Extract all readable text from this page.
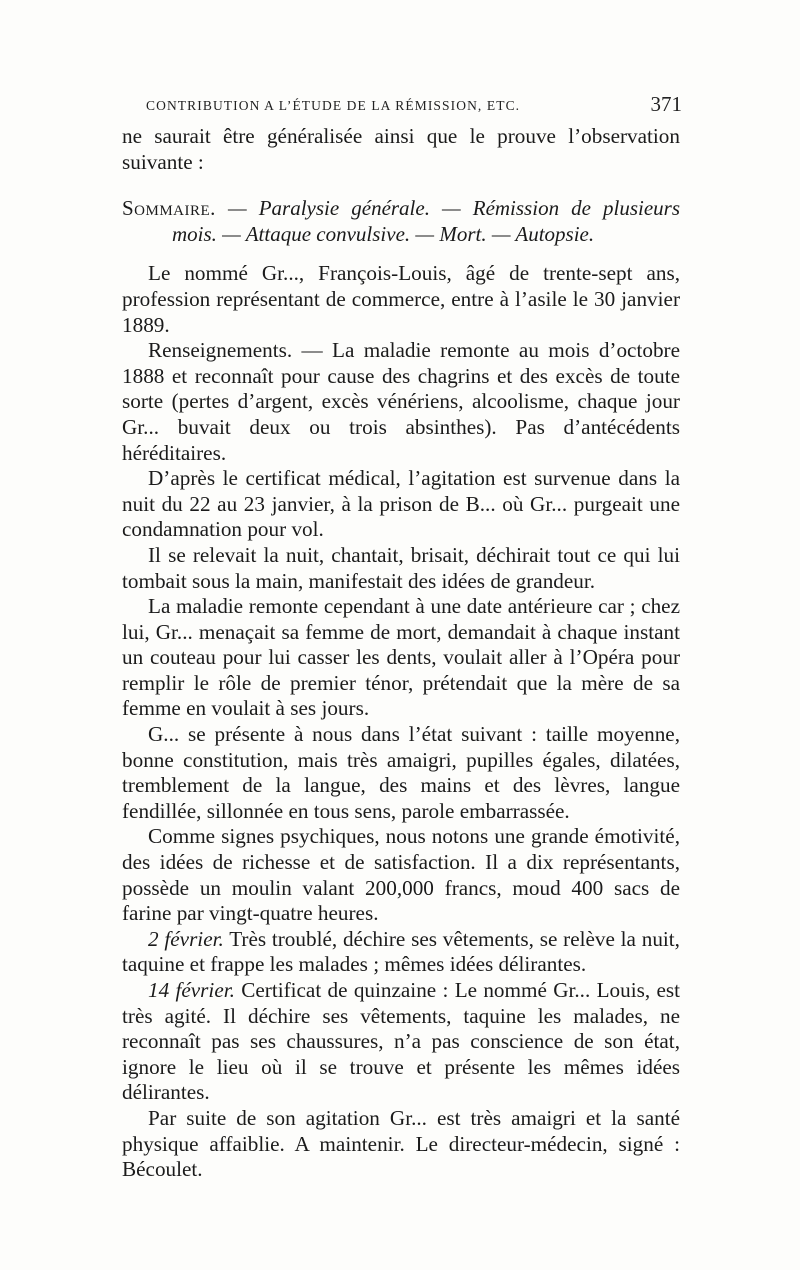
CONTRIBUTION A L’ÉTUDE DE LA RÉMISSION, ETC.	371

ne saurait être généralisée ainsi que le prouve l’observation suivante :

Sommaire. — Paralysie générale. — Rémission de plusieurs mois. — Attaque convulsive. — Mort. — Autopsie.

Le nommé Gr..., François-Louis, âgé de trente-sept ans, profession représentant de commerce, entre à l’asile le 30 janvier 1889.

Renseignements. — La maladie remonte au mois d’octobre 1888 et reconnaît pour cause des chagrins et des excès de toute sorte (pertes d’argent, excès vénériens, alcoolisme, chaque jour Gr... buvait deux ou trois absinthes). Pas d’antécédents héréditaires.

D’après le certificat médical, l’agitation est survenue dans la nuit du 22 au 23 janvier, à la prison de B... où Gr... purgeait une condamnation pour vol.

Il se relevait la nuit, chantait, brisait, déchirait tout ce qui lui tombait sous la main, manifestait des idées de grandeur.

La maladie remonte cependant à une date antérieure car ; chez lui, Gr... menaçait sa femme de mort, demandait à chaque instant un couteau pour lui casser les dents, voulait aller à l’Opéra pour remplir le rôle de premier ténor, prétendait que la mère de sa femme en voulait à ses jours.

G... se présente à nous dans l’état suivant : taille moyenne, bonne constitution, mais très amaigri, pupilles égales, dilatées, tremblement de la langue, des mains et des lèvres, langue fendillée, sillonnée en tous sens, parole embarrassée.

Comme signes psychiques, nous notons une grande émotivité, des idées de richesse et de satisfaction. Il a dix représentants, possède un moulin valant 200,000 francs, moud 400 sacs de farine par vingt-quatre heures.

2 février. Très troublé, déchire ses vêtements, se relève la nuit, taquine et frappe les malades ; mêmes idées délirantes.

14 février. Certificat de quinzaine : Le nommé Gr... Louis, est très agité. Il déchire ses vêtements, taquine les malades, ne reconnaît pas ses chaussures, n’a pas conscience de son état, ignore le lieu où il se trouve et présente les mêmes idées délirantes.

Par suite de son agitation Gr... est très amaigri et la santé physique affaiblie. A maintenir. Le directeur-médecin, signé : Bécoulet.
